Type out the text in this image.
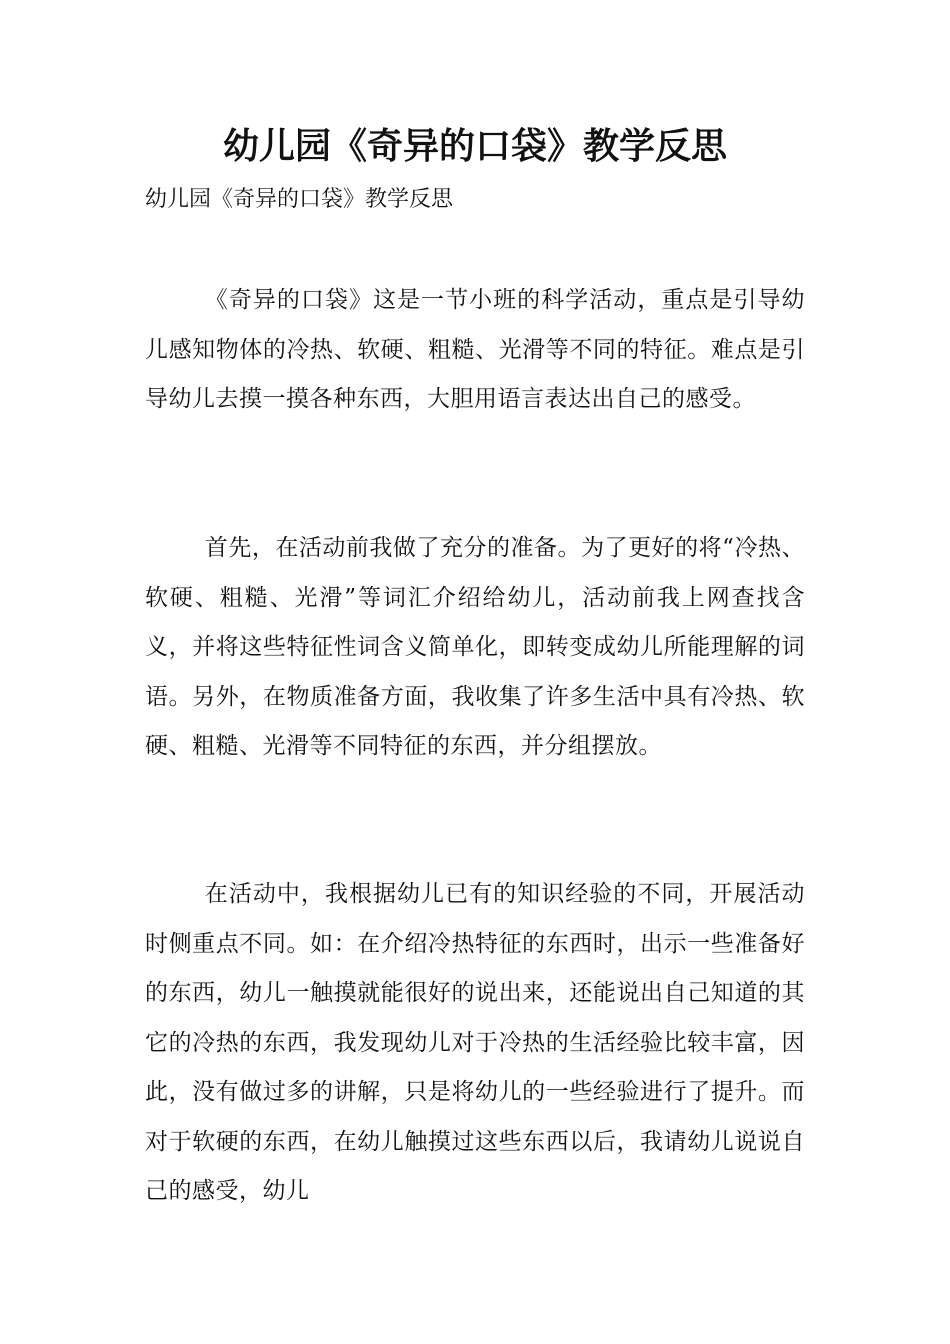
幼儿园《奇异的口袋》教学反思

幼儿园《奇异的口袋》教学反思

《奇异的口袋》这是一节小班的科学活动，重点是引导幼儿感知物体的冷热、软硬、粗糙、光滑等不同的特征。难点是引导幼儿去摸一摸各种东西，大胆用语言表达出自己的感受。

首先，在活动前我做了充分的准备。为了更好的将“冷热、软硬、粗糙、光滑”等词汇介绍给幼儿，活动前我上网查找含义，并将这些特征性词含义简单化，即转变成幼儿所能理解的词语。另外，在物质准备方面，我收集了许多生活中具有冷热、软硬、粗糙、光滑等不同特征的东西，并分组摆放。

在活动中，我根据幼儿已有的知识经验的不同，开展活动时侧重点不同。如：在介绍冷热特征的东西时，出示一些准备好的东西，幼儿一触摸就能很好的说出来，还能说出自己知道的其它的冷热的东西，我发现幼儿对于冷热的生活经验比较丰富，因此，没有做过多的讲解，只是将幼儿的一些经验进行了提升。而对于软硬的东西，在幼儿触摸过这些东西以后，我请幼儿说说自己的感受，幼儿
